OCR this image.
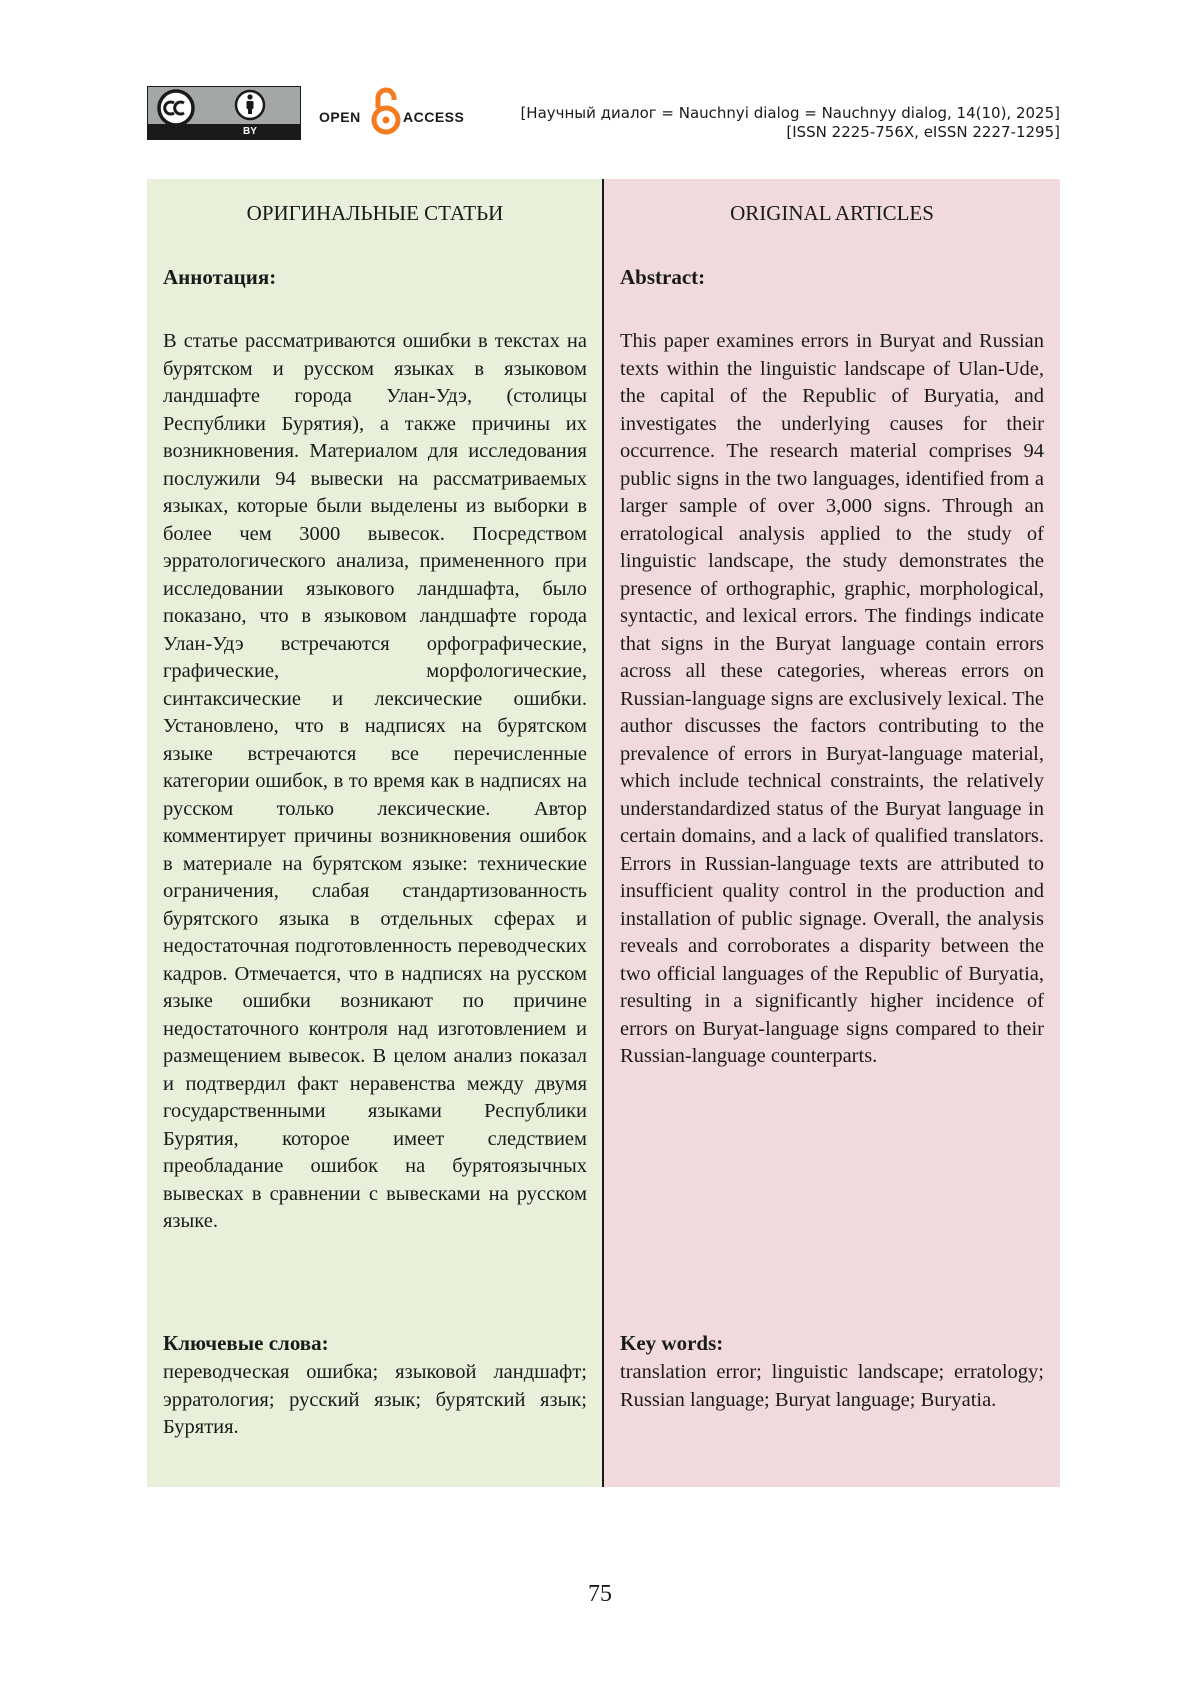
BY
OPEN	ACCESS	[Научный диалог = Nauchnyi dialog = Nauchnyy dialog, 14(10), 2025]
[ISSN 2225-756X, eISSN 2227-1295]
ОРИГИНАЛЬНЫЕ СТАТЬИ
Аннотация:

В статье рассматриваются ошибки в текстах на бурятском и русском языках в языковом ландшафте города Улан-Удэ, (столицы Республики Бурятия), а также причины их возникновения. Материалом для исследования послужили 94 вывески на рассматриваемых языках, которые были выделены из выборки в более чем 3000 вывесок. Посредством эрратологического анализа, примененного при исследовании языкового ландшафта, было показано, что в языковом ландшафте города Улан-Удэ встречаются орфографические, графические, морфологические, синтаксические и лексические ошибки. Установлено, что в надписях на бурятском языке встречаются все перечисленные категории ошибок, в то время как в надписях на русском только лексические. Автор комментирует причины возникновения ошибок в материале на бурятском языке: технические ограничения, слабая стандартизованность бурятского языка в отдельных сферах и недостаточная подготовленность переводческих кадров. Отмечается, что в надписях на русском языке ошибки возникают по причине недостаточного контроля над изготовлением и размещением вывесок. В целом анализ показал и подтвердил факт неравенства между двумя государственными языками Республики Бурятия, которое имеет следствием преобладание ошибок на бурятоязычных вывесках в сравнении с вывесками на русском языке.

Ключевые слова:

переводческая ошибка; языковой ландшафт; эрратология; русский язык; бурятский язык; Бурятия.

ORIGINAL ARTICLES
Abstract:

This paper examines errors in Buryat and Russian texts within the linguistic landscape of Ulan-Ude, the capital of the Republic of Buryatia, and investigates the underlying causes for their occurrence. The research material comprises 94 public signs in the two languages, identified from a larger sample of over 3,000 signs. Through an erratological analysis applied to the study of linguistic landscape, the study demonstrates the presence of orthographic, graphic, morphological, syntactic, and lexical errors. The findings indicate that signs in the Buryat language contain errors across all these categories, whereas errors on Russian-language signs are exclusively lexical. The author discusses the factors contributing to the prevalence of errors in Buryat-language material, which include technical constraints, the relatively understandardized status of the Buryat language in certain domains, and a lack of qualified translators. Errors in Russian-language texts are attributed to insufficient quality control in the production and installation of public signage. Overall, the analysis reveals and corroborates a disparity between the two official languages of the Republic of Buryatia, resulting in a significantly higher incidence of errors on Buryat-language signs compared to their Russian-language counterparts.

Key words:

translation error; linguistic landscape; erratology; Russian language; Buryat language; Buryatia.

75
